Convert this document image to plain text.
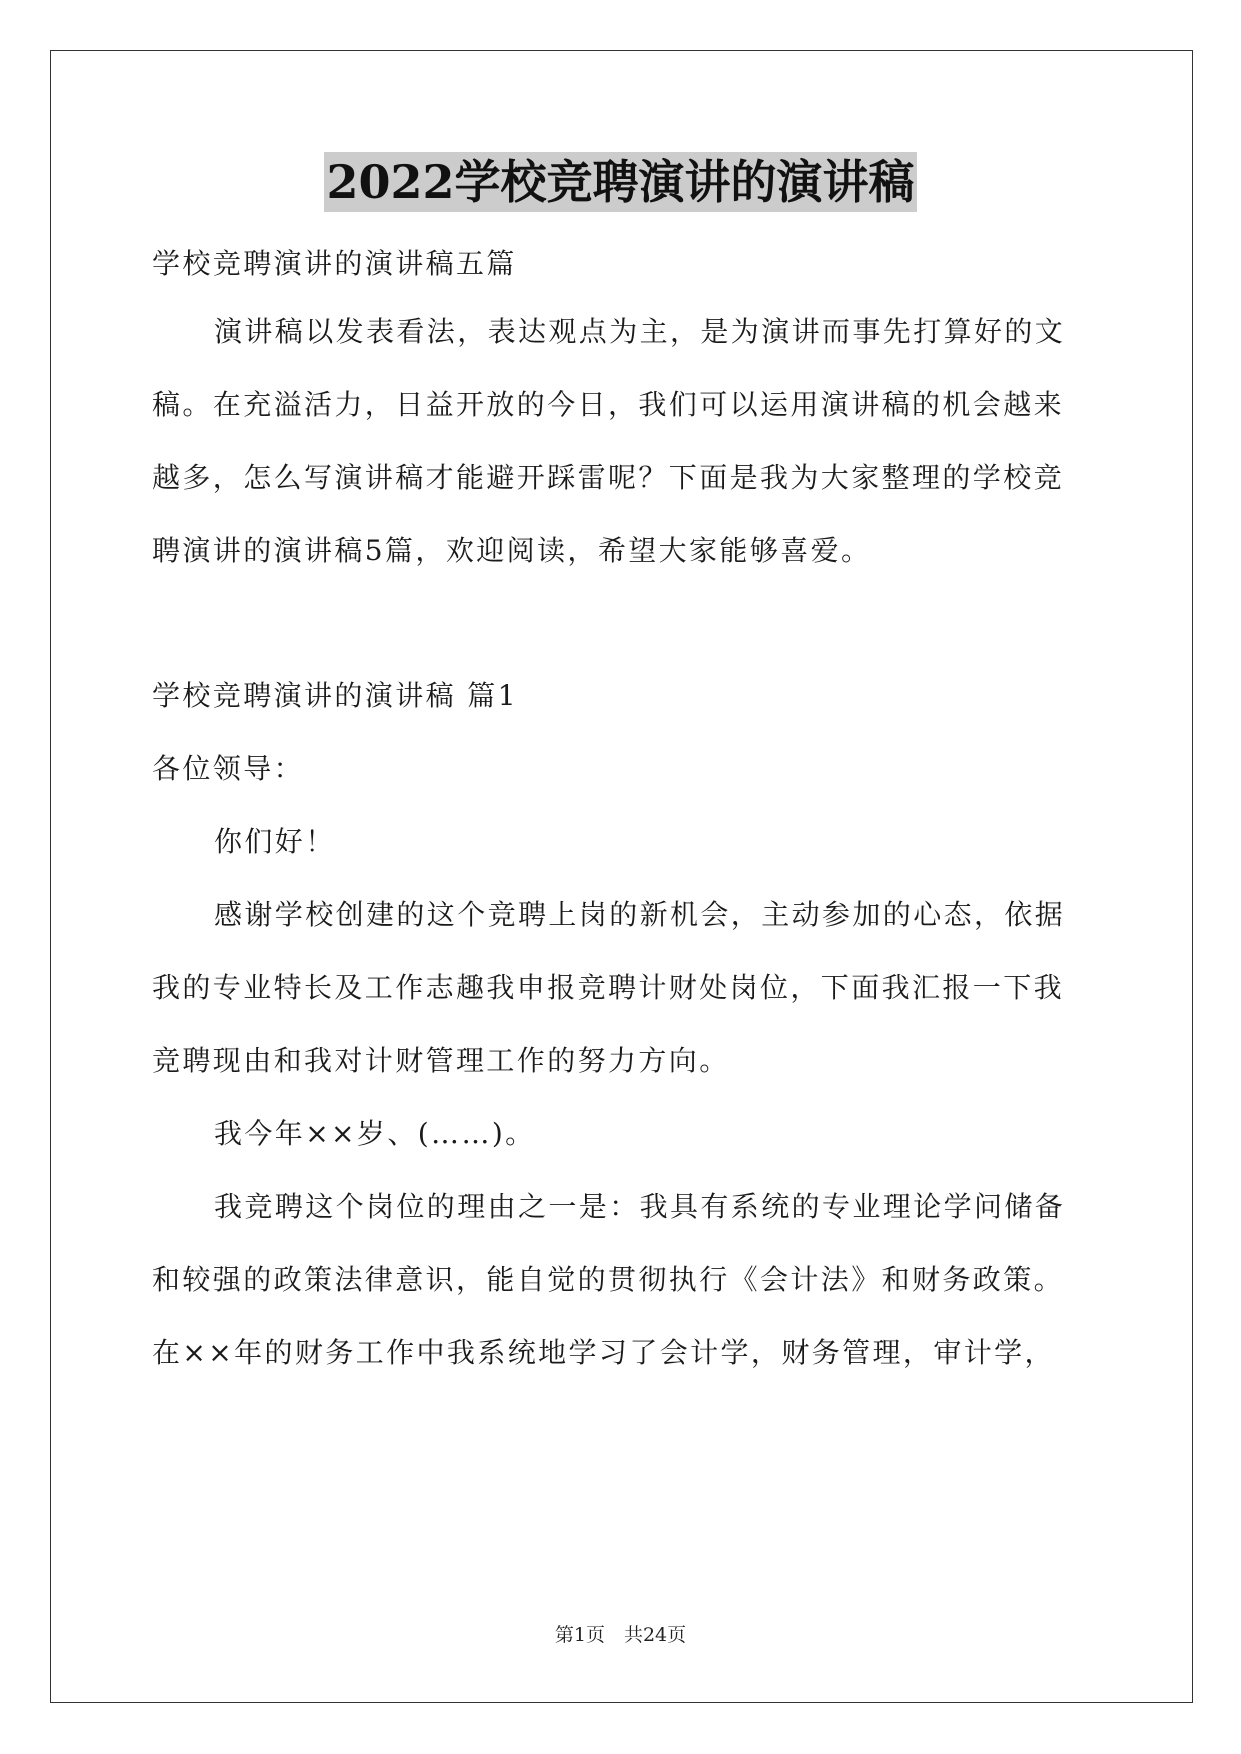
2022学校竞聘演讲的演讲稿
学校竞聘演讲的演讲稿五篇
演讲稿以发表看法，表达观点为主，是为演讲而事先打算好的文
稿。在充溢活力，日益开放的今日，我们可以运用演讲稿的机会越来
越多，怎么写演讲稿才能避开踩雷呢？下面是我为大家整理的学校竞
聘演讲的演讲稿5篇，欢迎阅读，希望大家能够喜爱。
学校竞聘演讲的演讲稿 篇1
各位领导：
你们好！
感谢学校创建的这个竞聘上岗的新机会，主动参加的心态，依据
我的专业特长及工作志趣我申报竞聘计财处岗位，下面我汇报一下我
竞聘现由和我对计财管理工作的努力方向。
我今年××岁、(……)。
我竞聘这个岗位的理由之一是：我具有系统的专业理论学问储备
和较强的政策法律意识，能自觉的贯彻执行《会计法》和财务政策。
在××年的财务工作中我系统地学习了会计学，财务管理，审计学，
第1页　共24页
